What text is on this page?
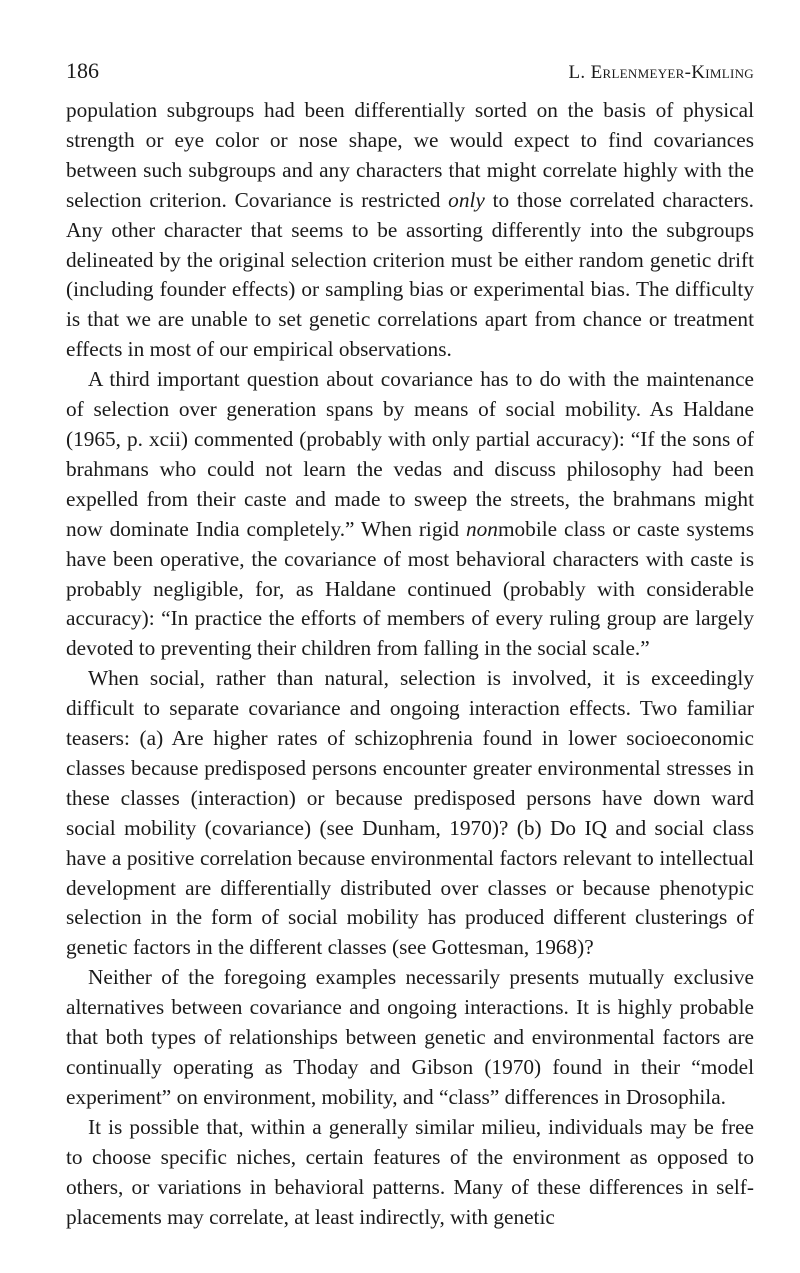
186	L. Erlenmeyer-Kimling

population subgroups had been differentially sorted on the basis of physical strength or eye color or nose shape, we would expect to find covariances between such subgroups and any characters that might correlate highly with the selection criterion. Covariance is restricted only to those correlated characters. Any other character that seems to be assorting differently into the subgroups delineated by the original selection criterion must be either random genetic drift (including founder effects) or sampling bias or experimental bias. The difficulty is that we are unable to set genetic correlations apart from chance or treatment effects in most of our empirical observations.

A third important question about covariance has to do with the maintenance of selection over generation spans by means of social mobility. As Haldane (1965, p. xcii) commented (probably with only partial accuracy): “If the sons of brahmans who could not learn the vedas and discuss philosophy had been expelled from their caste and made to sweep the streets, the brahmans might now dominate India completely.” When rigid nonmobile class or caste systems have been operative, the covariance of most behavioral characters with caste is probably negligible, for, as Haldane continued (probably with considerable accuracy): “In practice the efforts of members of every ruling group are largely devoted to preventing their children from falling in the social scale.”

When social, rather than natural, selection is involved, it is exceedingly difficult to separate covariance and ongoing interaction effects. Two familiar teasers: (a) Are higher rates of schizophrenia found in lower socioeconomic classes because predisposed persons encounter greater environmental stresses in these classes (interaction) or because predisposed persons have down ward social mobility (covariance) (see Dunham, 1970)? (b) Do IQ and social class have a positive correlation because environmental factors relevant to intellectual development are differentially distributed over classes or because phenotypic selection in the form of social mobility has produced different clusterings of genetic factors in the different classes (see Gottesman, 1968)?

Neither of the foregoing examples necessarily presents mutually exclusive alternatives between covariance and ongoing interactions. It is highly probable that both types of relationships between genetic and environmental factors are continually operating as Thoday and Gibson (1970) found in their “model experiment” on environment, mobility, and “class” differences in Drosophila.

It is possible that, within a generally similar milieu, individuals may be free to choose specific niches, certain features of the environment as opposed to others, or variations in behavioral patterns. Many of these differences in self-placements may correlate, at least indirectly, with genetic
